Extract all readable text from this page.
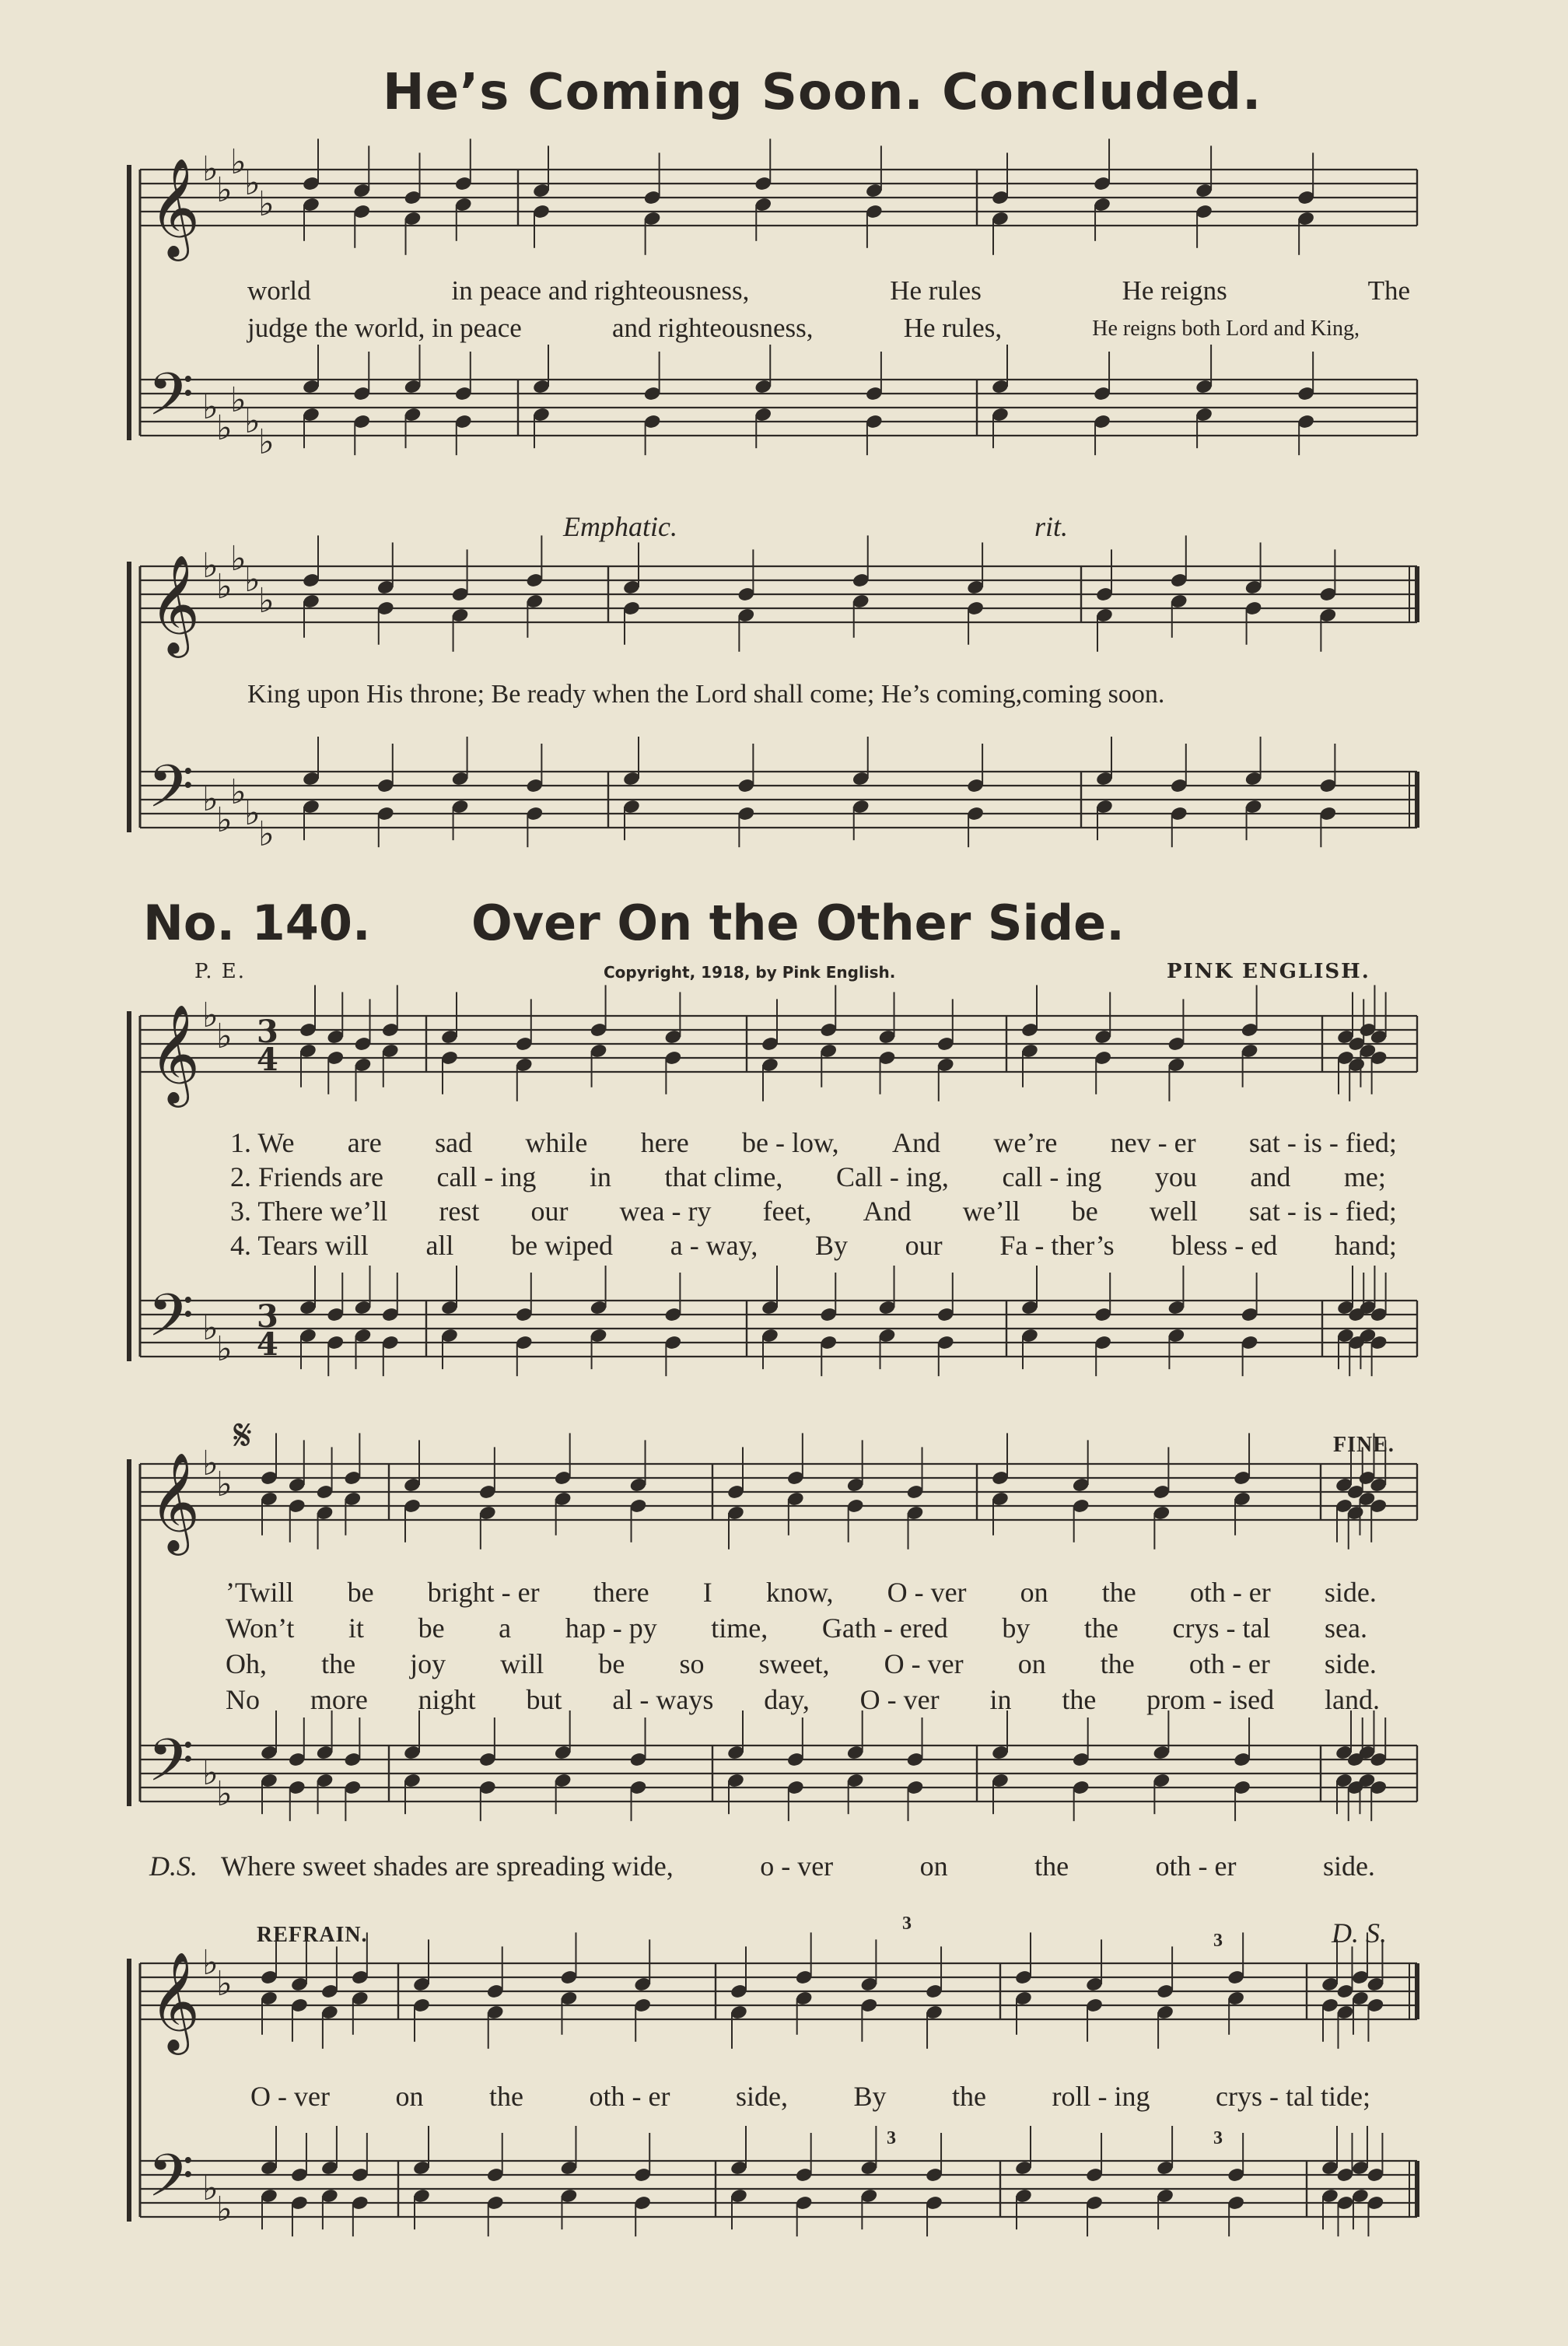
𝄞 ♭
♭
♭
♭
♭
𝄢 ♭
♭
♭
♭
♭
𝄞 ♭
♭
♭
♭
♭
𝄢 ♭
♭
♭
♭
♭
𝄞 ♭
♭
𝄢 ♭
♭
3
4
3
4
𝄞 ♭
♭
𝄢 ♭
♭
𝄋
𝄞 ♭
♭
𝄢 ♭
♭
He’s Coming Soon. Concluded.
world	in peace and righteousness,	He rules	He reigns	The
judge the world, in peace	and righteousness,	He rules,	He reigns both Lord and King,
Emphatic.	rit.
King upon His throne; Be ready when the Lord shall come; He’s coming,coming soon.
No. 140. Over On the Other Side.
P. E.	Copyright, 1918, by Pink English.	PINK ENGLISH.
1. We are sad while here be - low, And we’re nev - er sat - is - fied;
2. Friends are call - ing in that clime, Call - ing, call - ing you and me;
3. There we’ll rest our wea - ry feet, And we’ll be well sat - is - fied;
4. Tears will all be wiped a - way, By our Fa - ther’s bless - ed hand;
FINE.
’Twill be bright - er there I know, O - ver on the oth - er side.
Won’t it be a hap - py time, Gath - ered by the crys - tal sea.
Oh, the joy will be so sweet, O - ver on the oth - er side.
No more night but al - ways day, O - ver in the prom - ised land.
D.S. Where sweet shades are spreading wide,	o - ver	on	the	oth - er	side.
REFRAIN.	D. S.
3
3
3	3
O - ver on the oth - er side, By the roll - ing crys - tal tide;
